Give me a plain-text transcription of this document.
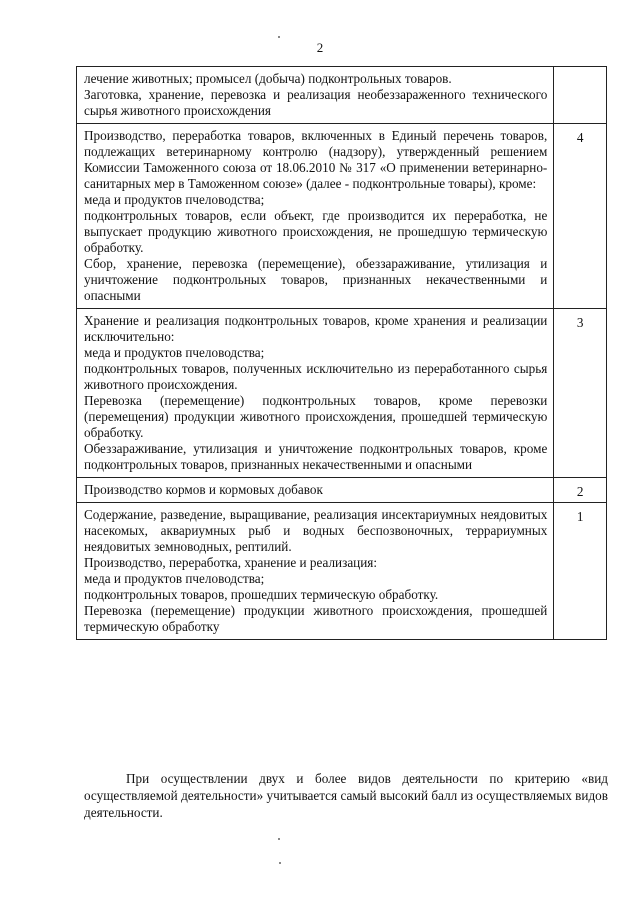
2
лечение животных; промысел (добыча) подконтрольных товаров.
Заготовка, хранение, перевозка и реализация необеззараженного технического сырья животного происхождения	

Производство, переработка товаров, включенных в Единый перечень товаров, подлежащих ветеринарному контролю (надзору), утвержденный решением Комиссии Таможенного союза от 18.06.2010 № 317 «О применении ветеринарно-санитарных мер в Таможенном союзе» (далее - подконтрольные товары), кроме:
меда и продуктов пчеловодства;
подконтрольных товаров, если объект, где производится их переработка, не выпускает продукцию животного происхождения, не прошедшую термическую обработку.
Сбор, хранение, перевозка (перемещение), обеззараживание, утилизация и уничтожение подконтрольных товаров, признанных некачественными и опасными	4

Хранение и реализация подконтрольных товаров, кроме хранения и реализации исключительно:
меда и продуктов пчеловодства;
подконтрольных товаров, полученных исключительно из переработанного сырья животного происхождения.
Перевозка (перемещение) подконтрольных товаров, кроме перевозки (перемещения) продукции животного происхождения, прошедшей термическую обработку.
Обеззараживание, утилизация и уничтожение подконтрольных товаров, кроме подконтрольных товаров, признанных некачественными и опасными	3

Производство кормов и кормовых добавок	2

Содержание, разведение, выращивание, реализация инсектариумных неядовитых насекомых, аквариумных рыб и водных беспозвоночных, террариумных неядовитых земноводных, рептилий.
Производство, переработка, хранение и реализация:
меда и продуктов пчеловодства;
подконтрольных товаров, прошедших термическую обработку.
Перевозка (перемещение) продукции животного происхождения, прошедшей термическую обработку	1
При осуществлении двух и более видов деятельности по критерию «вид осуществляемой деятельности» учитывается самый высокий балл из осуществляемых видов деятельности.
